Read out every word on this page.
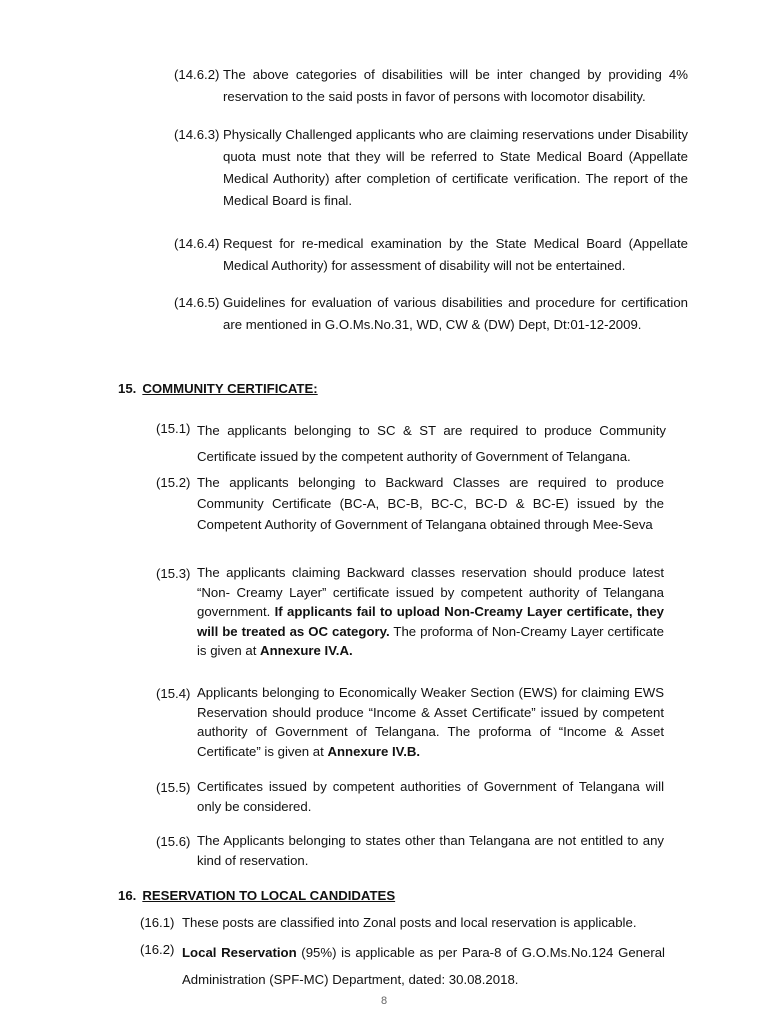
(14.6.2) The above categories of disabilities will be inter changed by providing 4% reservation to the said posts in favor of persons with locomotor disability.
(14.6.3) Physically Challenged applicants who are claiming reservations under Disability quota must note that they will be referred to State Medical Board (Appellate Medical Authority) after completion of certificate verification. The report of the Medical Board is final.
(14.6.4) Request for re-medical examination by the State Medical Board (Appellate Medical Authority) for assessment of disability will not be entertained.
(14.6.5) Guidelines for evaluation of various disabilities and procedure for certification are mentioned in G.O.Ms.No.31, WD, CW & (DW) Dept, Dt:01-12-2009.
15. COMMUNITY CERTIFICATE:
(15.1) The applicants belonging to SC & ST are required to produce Community Certificate issued by the competent authority of Government of Telangana.
(15.2) The applicants belonging to Backward Classes are required to produce Community Certificate (BC-A, BC-B, BC-C, BC-D & BC-E) issued by the Competent Authority of Government of Telangana obtained through Mee-Seva
(15.3) The applicants claiming Backward classes reservation should produce latest “Non- Creamy Layer” certificate issued by competent authority of Telangana government. If applicants fail to upload Non-Creamy Layer certificate, they will be treated as OC category. The proforma of Non-Creamy Layer certificate is given at Annexure IV.A.
(15.4) Applicants belonging to Economically Weaker Section (EWS) for claiming EWS Reservation should produce “Income & Asset Certificate” issued by competent authority of Government of Telangana. The proforma of “Income & Asset Certificate” is given at Annexure IV.B.
(15.5) Certificates issued by competent authorities of Government of Telangana will only be considered.
(15.6) The Applicants belonging to states other than Telangana are not entitled to any kind of reservation.
16. RESERVATION TO LOCAL CANDIDATES
(16.1) These posts are classified into Zonal posts and local reservation is applicable.
(16.2) Local Reservation (95%) is applicable as per Para-8 of G.O.Ms.No.124 General Administration (SPF-MC) Department, dated: 30.08.2018.
8
